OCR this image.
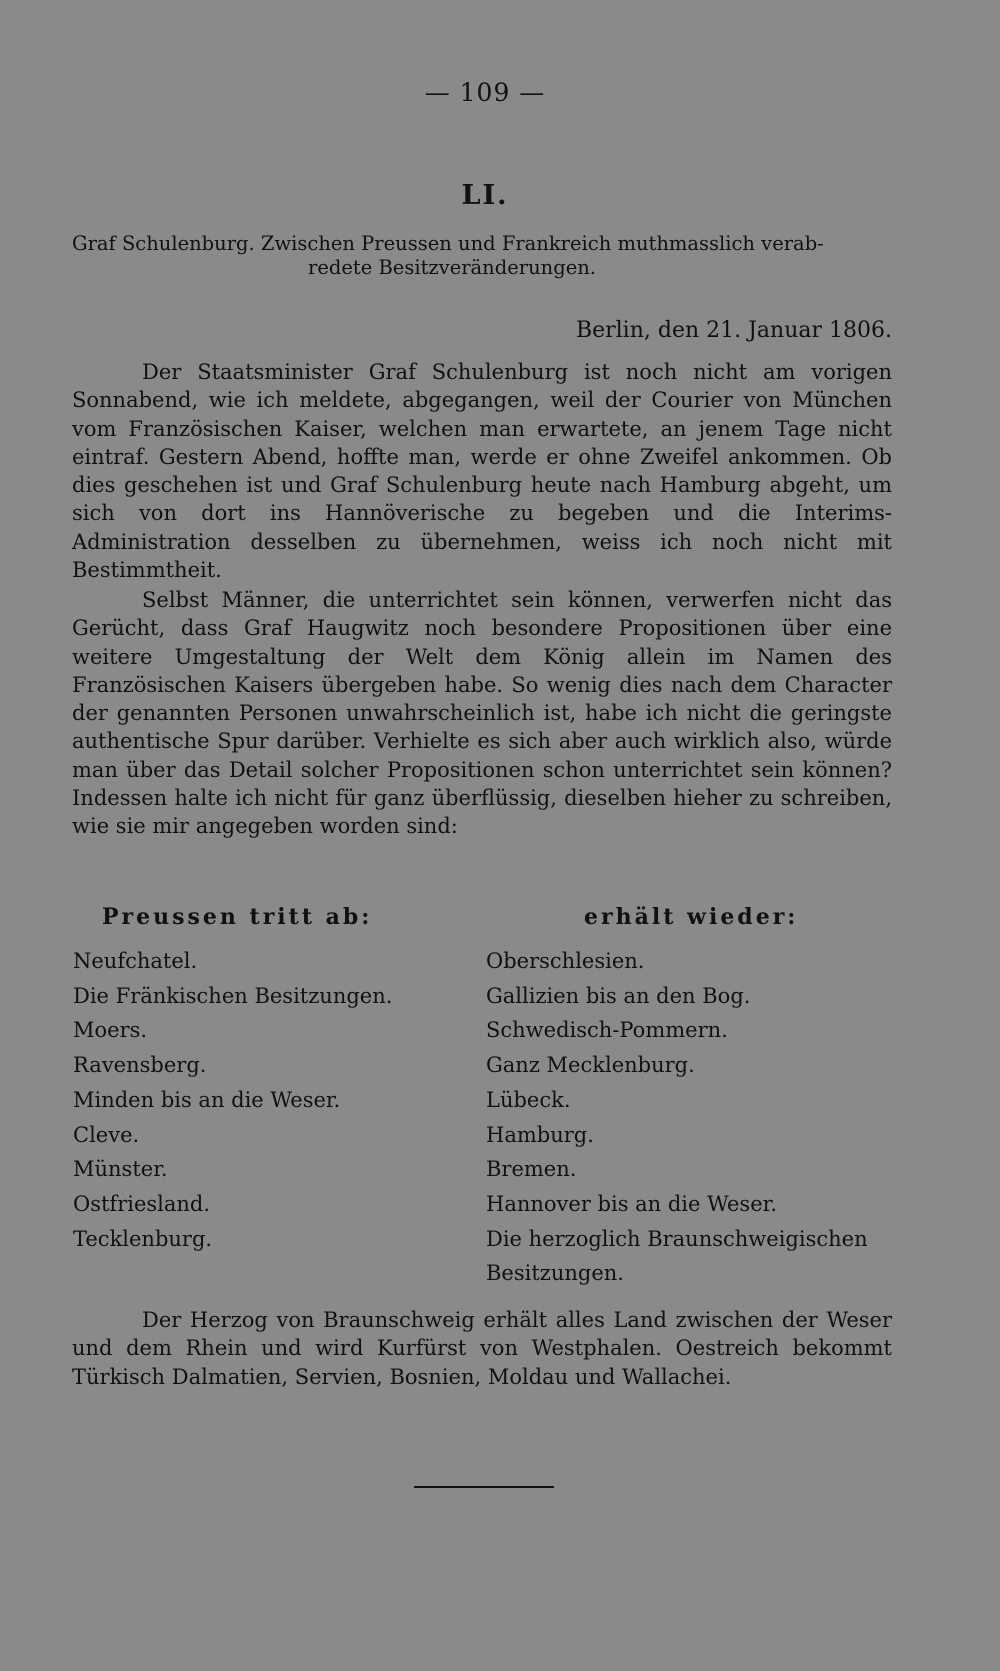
— 109 —
LI.
Graf Schulenburg. Zwischen Preussen und Frankreich muthmasslich verab-
redete Besitzveränderungen.
Berlin, den 21. Januar 1806.

Der Staatsminister Graf Schulenburg ist noch nicht am vorigen Sonnabend, wie ich meldete, abgegangen, weil der Courier von München vom Französischen Kaiser, welchen man erwartete, an jenem Tage nicht eintraf. Gestern Abend, hoffte man, werde er ohne Zweifel ankommen. Ob dies geschehen ist und Graf Schulenburg heute nach Hamburg abgeht, um sich von dort ins Hannöverische zu begeben und die Interims-Administration desselben zu übernehmen, weiss ich noch nicht mit Bestimmtheit.

Selbst Männer, die unterrichtet sein können, verwerfen nicht das Gerücht, dass Graf Haugwitz noch besondere Propositionen über eine weitere Umgestaltung der Welt dem König allein im Namen des Französischen Kaisers übergeben habe. So wenig dies nach dem Character der genannten Personen unwahrscheinlich ist, habe ich nicht die geringste authentische Spur darüber. Verhielte es sich aber auch wirklich also, würde man über das Detail solcher Propositionen schon unterrichtet sein können? Indessen halte ich nicht für ganz überflüssig, dieselben hieher zu schreiben, wie sie mir angegeben worden sind:

Preussen tritt ab:	erhält wieder:
Neufchatel.
Die Fränkischen Besitzungen.
Moers.
Ravensberg.
Minden bis an die Weser.
Cleve.
Münster.
Ostfriesland.
Tecklenburg.
Oberschlesien.
Gallizien bis an den Bog.
Schwedisch-Pommern.
Ganz Mecklenburg.
Lübeck.
Hamburg.
Bremen.
Hannover bis an die Weser.
Die herzoglich Braunschweigischen Besitzungen.

Der Herzog von Braunschweig erhält alles Land zwischen der Weser und dem Rhein und wird Kurfürst von Westphalen. Oestreich bekommt Türkisch Dalmatien, Servien, Bosnien, Moldau und Wallachei.
